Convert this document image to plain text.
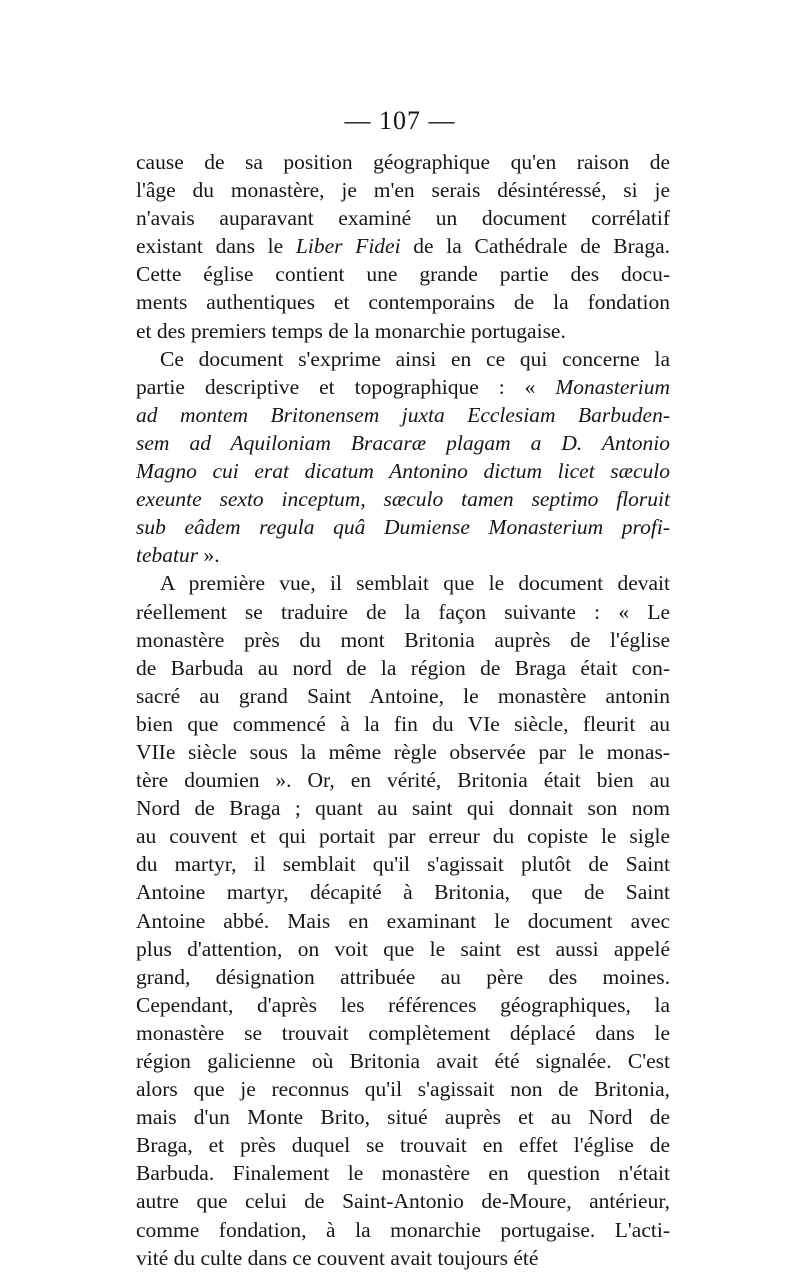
— 107 —
cause de sa position géographique qu'en raison de
l'âge du monastère, je m'en serais désintéressé, si je
n'avais auparavant examiné un document corrélatif
existant dans le Liber Fidei de la Cathédrale de Braga.
Cette église contient une grande partie des docu-
ments authentiques et contemporains de la fondation
et des premiers temps de la monarchie portugaise.
Ce document s'exprime ainsi en ce qui concerne la
partie descriptive et topographique : « Monasterium
ad montem Britonensem juxta Ecclesiam Barbuden-
sem ad Aquiloniam Bracaræ plagam a D. Antonio
Magno cui erat dicatum Antonino dictum licet sæculo
exeunte sexto inceptum, sæculo tamen septimo floruit
sub eâdem regula quâ Dumiense Monasterium profi-
tebatur ».
A première vue, il semblait que le document devait
réellement se traduire de la façon suivante : « Le
monastère près du mont Britonia auprès de l'église
de Barbuda au nord de la région de Braga était con-
sacré au grand Saint Antoine, le monastère antonin
bien que commencé à la fin du VIe siècle, fleurit au
VIIe siècle sous la même règle observée par le monas-
tère doumien ». Or, en vérité, Britonia était bien au
Nord de Braga ; quant au saint qui donnait son nom
au couvent et qui portait par erreur du copiste le sigle
du martyr, il semblait qu'il s'agissait plutôt de Saint
Antoine martyr, décapité à Britonia, que de Saint
Antoine abbé. Mais en examinant le document avec
plus d'attention, on voit que le saint est aussi appelé
grand, désignation attribuée au père des moines.
Cependant, d'après les références géographiques, la
monastère se trouvait complètement déplacé dans le
région galicienne où Britonia avait été signalée. C'est
alors que je reconnus qu'il s'agissait non de Britonia,
mais d'un Monte Brito, situé auprès et au Nord de
Braga, et près duquel se trouvait en effet l'église de
Barbuda. Finalement le monastère en question n'était
autre que celui de Saint-Antonio de-Moure, antérieur,
comme fondation, à la monarchie portugaise. L'acti-
vité du culte dans ce couvent avait toujours été
